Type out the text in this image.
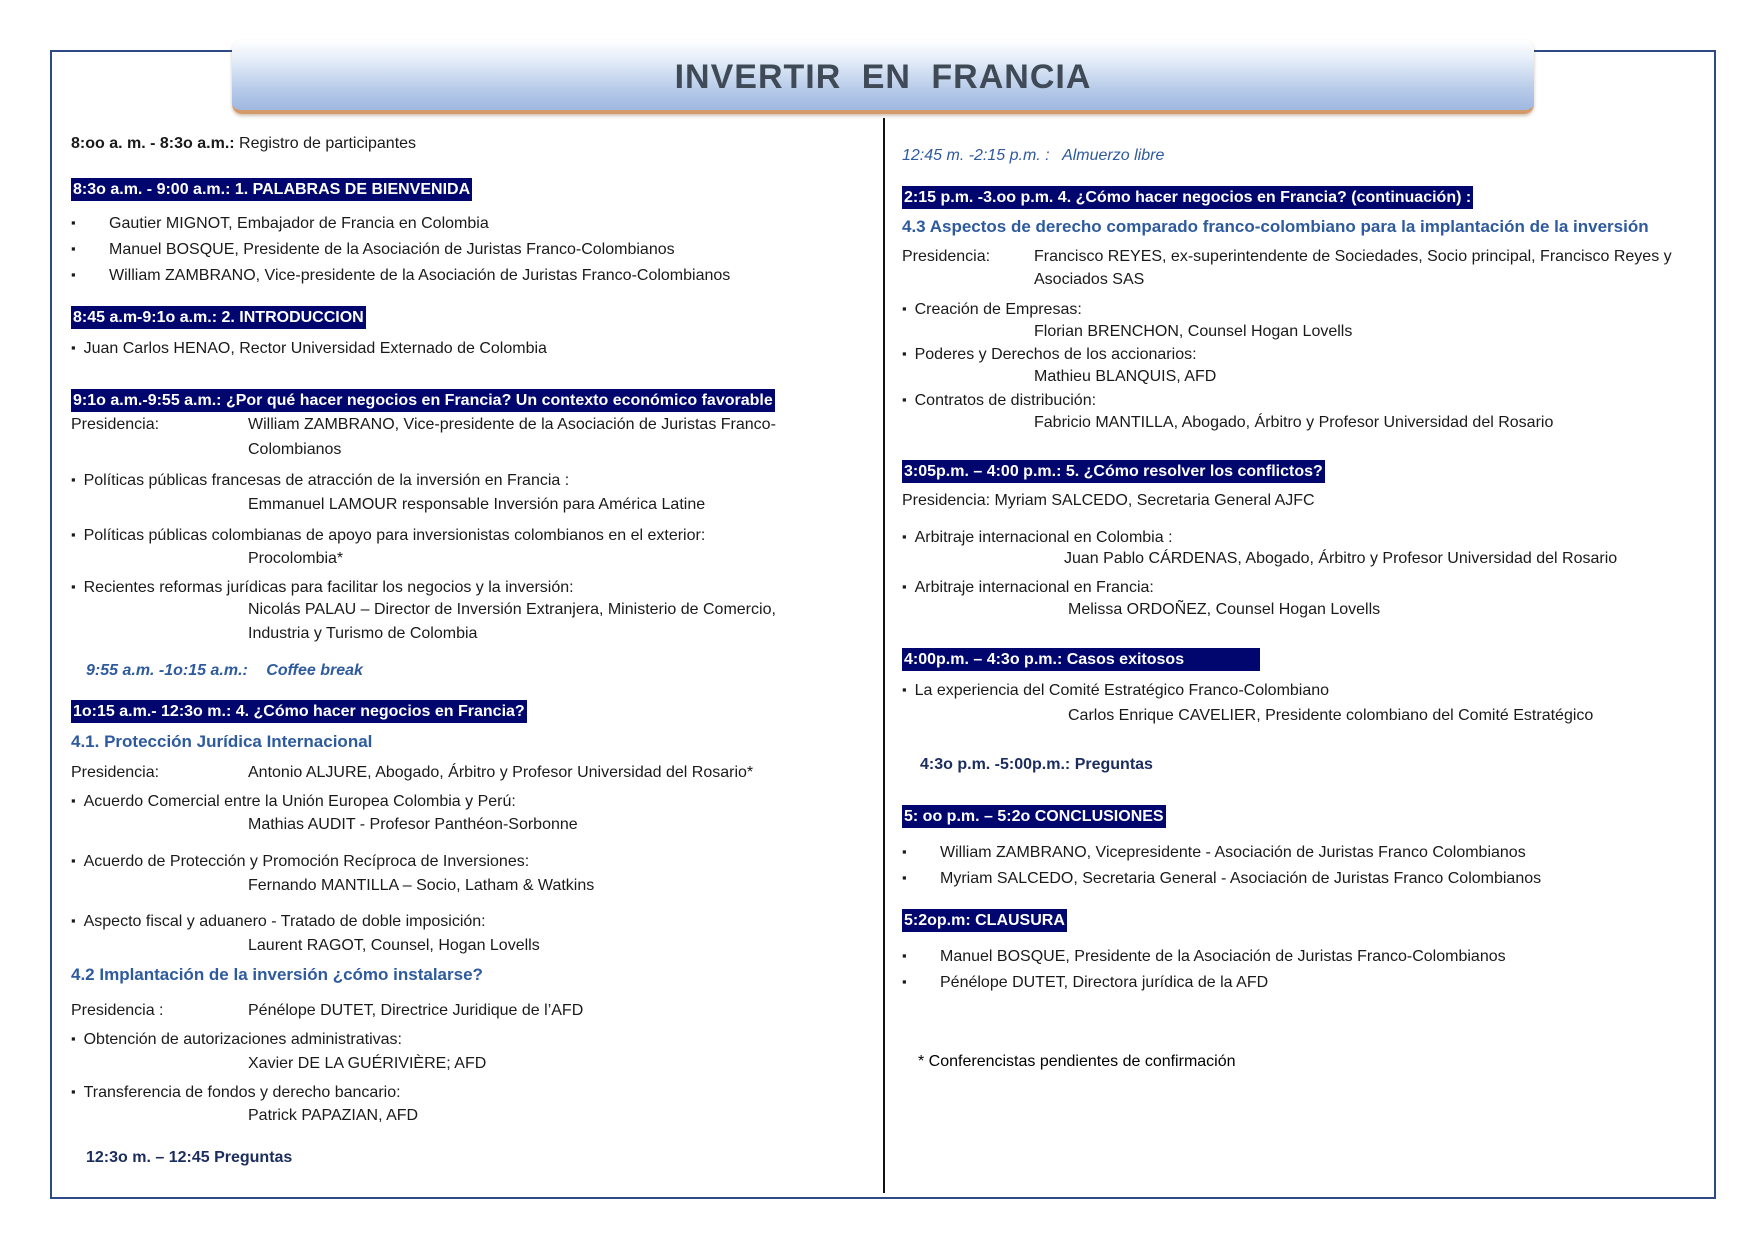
INVERTIR EN FRANCIA
8:oo a. m. - 8:3o a.m.: Registro de participantes
8:3o a.m. - 9:00 a.m.: 1. PALABRAS DE BIENVENIDA
▪ Gautier MIGNOT, Embajador de Francia en Colombia
▪ Manuel BOSQUE, Presidente de la Asociación de Juristas Franco-Colombianos
▪ William ZAMBRANO, Vice-presidente de la Asociación de Juristas Franco-Colombianos
8:45 a.m-9:1o a.m.: 2. INTRODUCCION
▪ Juan Carlos HENAO, Rector Universidad Externado de Colombia
9:1o a.m.-9:55 a.m.: ¿Por qué hacer negocios en Francia? Un contexto económico favorable
Presidencia:	William ZAMBRANO, Vice-presidente de la Asociación de Juristas Franco-
Colombianos
▪ Políticas públicas francesas de atracción de la inversión en Francia :
Emmanuel LAMOUR responsable Inversión para América Latine
▪ Políticas públicas colombianas de apoyo para inversionistas colombianos en el exterior:
Procolombia*
▪ Recientes reformas jurídicas para facilitar los negocios y la inversión:
Nicolás PALAU – Director de Inversión Extranjera, Ministerio de Comercio,
Industria y Turismo de Colombia
9:55 a.m. -1o:15 a.m.: Coffee break
1o:15 a.m.- 12:3o m.: 4. ¿Cómo hacer negocios en Francia?
4.1. Protección Jurídica Internacional
Presidencia:	Antonio ALJURE, Abogado, Árbitro y Profesor Universidad del Rosario*
▪ Acuerdo Comercial entre la Unión Europea Colombia y Perú:
Mathias AUDIT - Profesor Panthéon-Sorbonne
▪ Acuerdo de Protección y Promoción Recíproca de Inversiones:
Fernando MANTILLA – Socio, Latham & Watkins
▪ Aspecto fiscal y aduanero - Tratado de doble imposición:
Laurent RAGOT, Counsel, Hogan Lovells
4.2 Implantación de la inversión ¿cómo instalarse?
Presidencia :	Pénélope DUTET, Directrice Juridique de l’AFD
▪ Obtención de autorizaciones administrativas:
Xavier DE LA GUÉRIVIÈRE; AFD
▪ Transferencia de fondos y derecho bancario:
Patrick PAPAZIAN, AFD
12:3o m. – 12:45 Preguntas
12:45 m. -2:15 p.m. : Almuerzo libre
2:15 p.m. -3.oo p.m. 4. ¿Cómo hacer negocios en Francia? (continuación) :
4.3 Aspectos de derecho comparado franco-colombiano para la implantación de la inversión
Presidencia:	Francisco REYES, ex-superintendente de Sociedades, Socio principal, Francisco Reyes y
Asociados SAS
▪ Creación de Empresas:
Florian BRENCHON, Counsel Hogan Lovells
▪ Poderes y Derechos de los accionarios:
Mathieu BLANQUIS, AFD
▪ Contratos de distribución:
Fabricio MANTILLA, Abogado, Árbitro y Profesor Universidad del Rosario
3:05p.m. – 4:00 p.m.: 5. ¿Cómo resolver los conflictos?
Presidencia: Myriam SALCEDO, Secretaria General AJFC
▪ Arbitraje internacional en Colombia :
Juan Pablo CÁRDENAS, Abogado, Árbitro y Profesor Universidad del Rosario
▪ Arbitraje internacional en Francia:
Melissa ORDOÑEZ, Counsel Hogan Lovells
4:00p.m. – 4:3o p.m.: Casos exitosos
▪ La experiencia del Comité Estratégico Franco-Colombiano
Carlos Enrique CAVELIER, Presidente colombiano del Comité Estratégico
4:3o p.m. -5:00p.m.: Preguntas
5: oo p.m. – 5:2o CONCLUSIONES
▪ William ZAMBRANO, Vicepresidente - Asociación de Juristas Franco Colombianos
▪ Myriam SALCEDO, Secretaria General - Asociación de Juristas Franco Colombianos
5:2op.m: CLAUSURA
▪ Manuel BOSQUE, Presidente de la Asociación de Juristas Franco-Colombianos
▪ Pénélope DUTET, Directora jurídica de la AFD
* Conferencistas pendientes de confirmación
